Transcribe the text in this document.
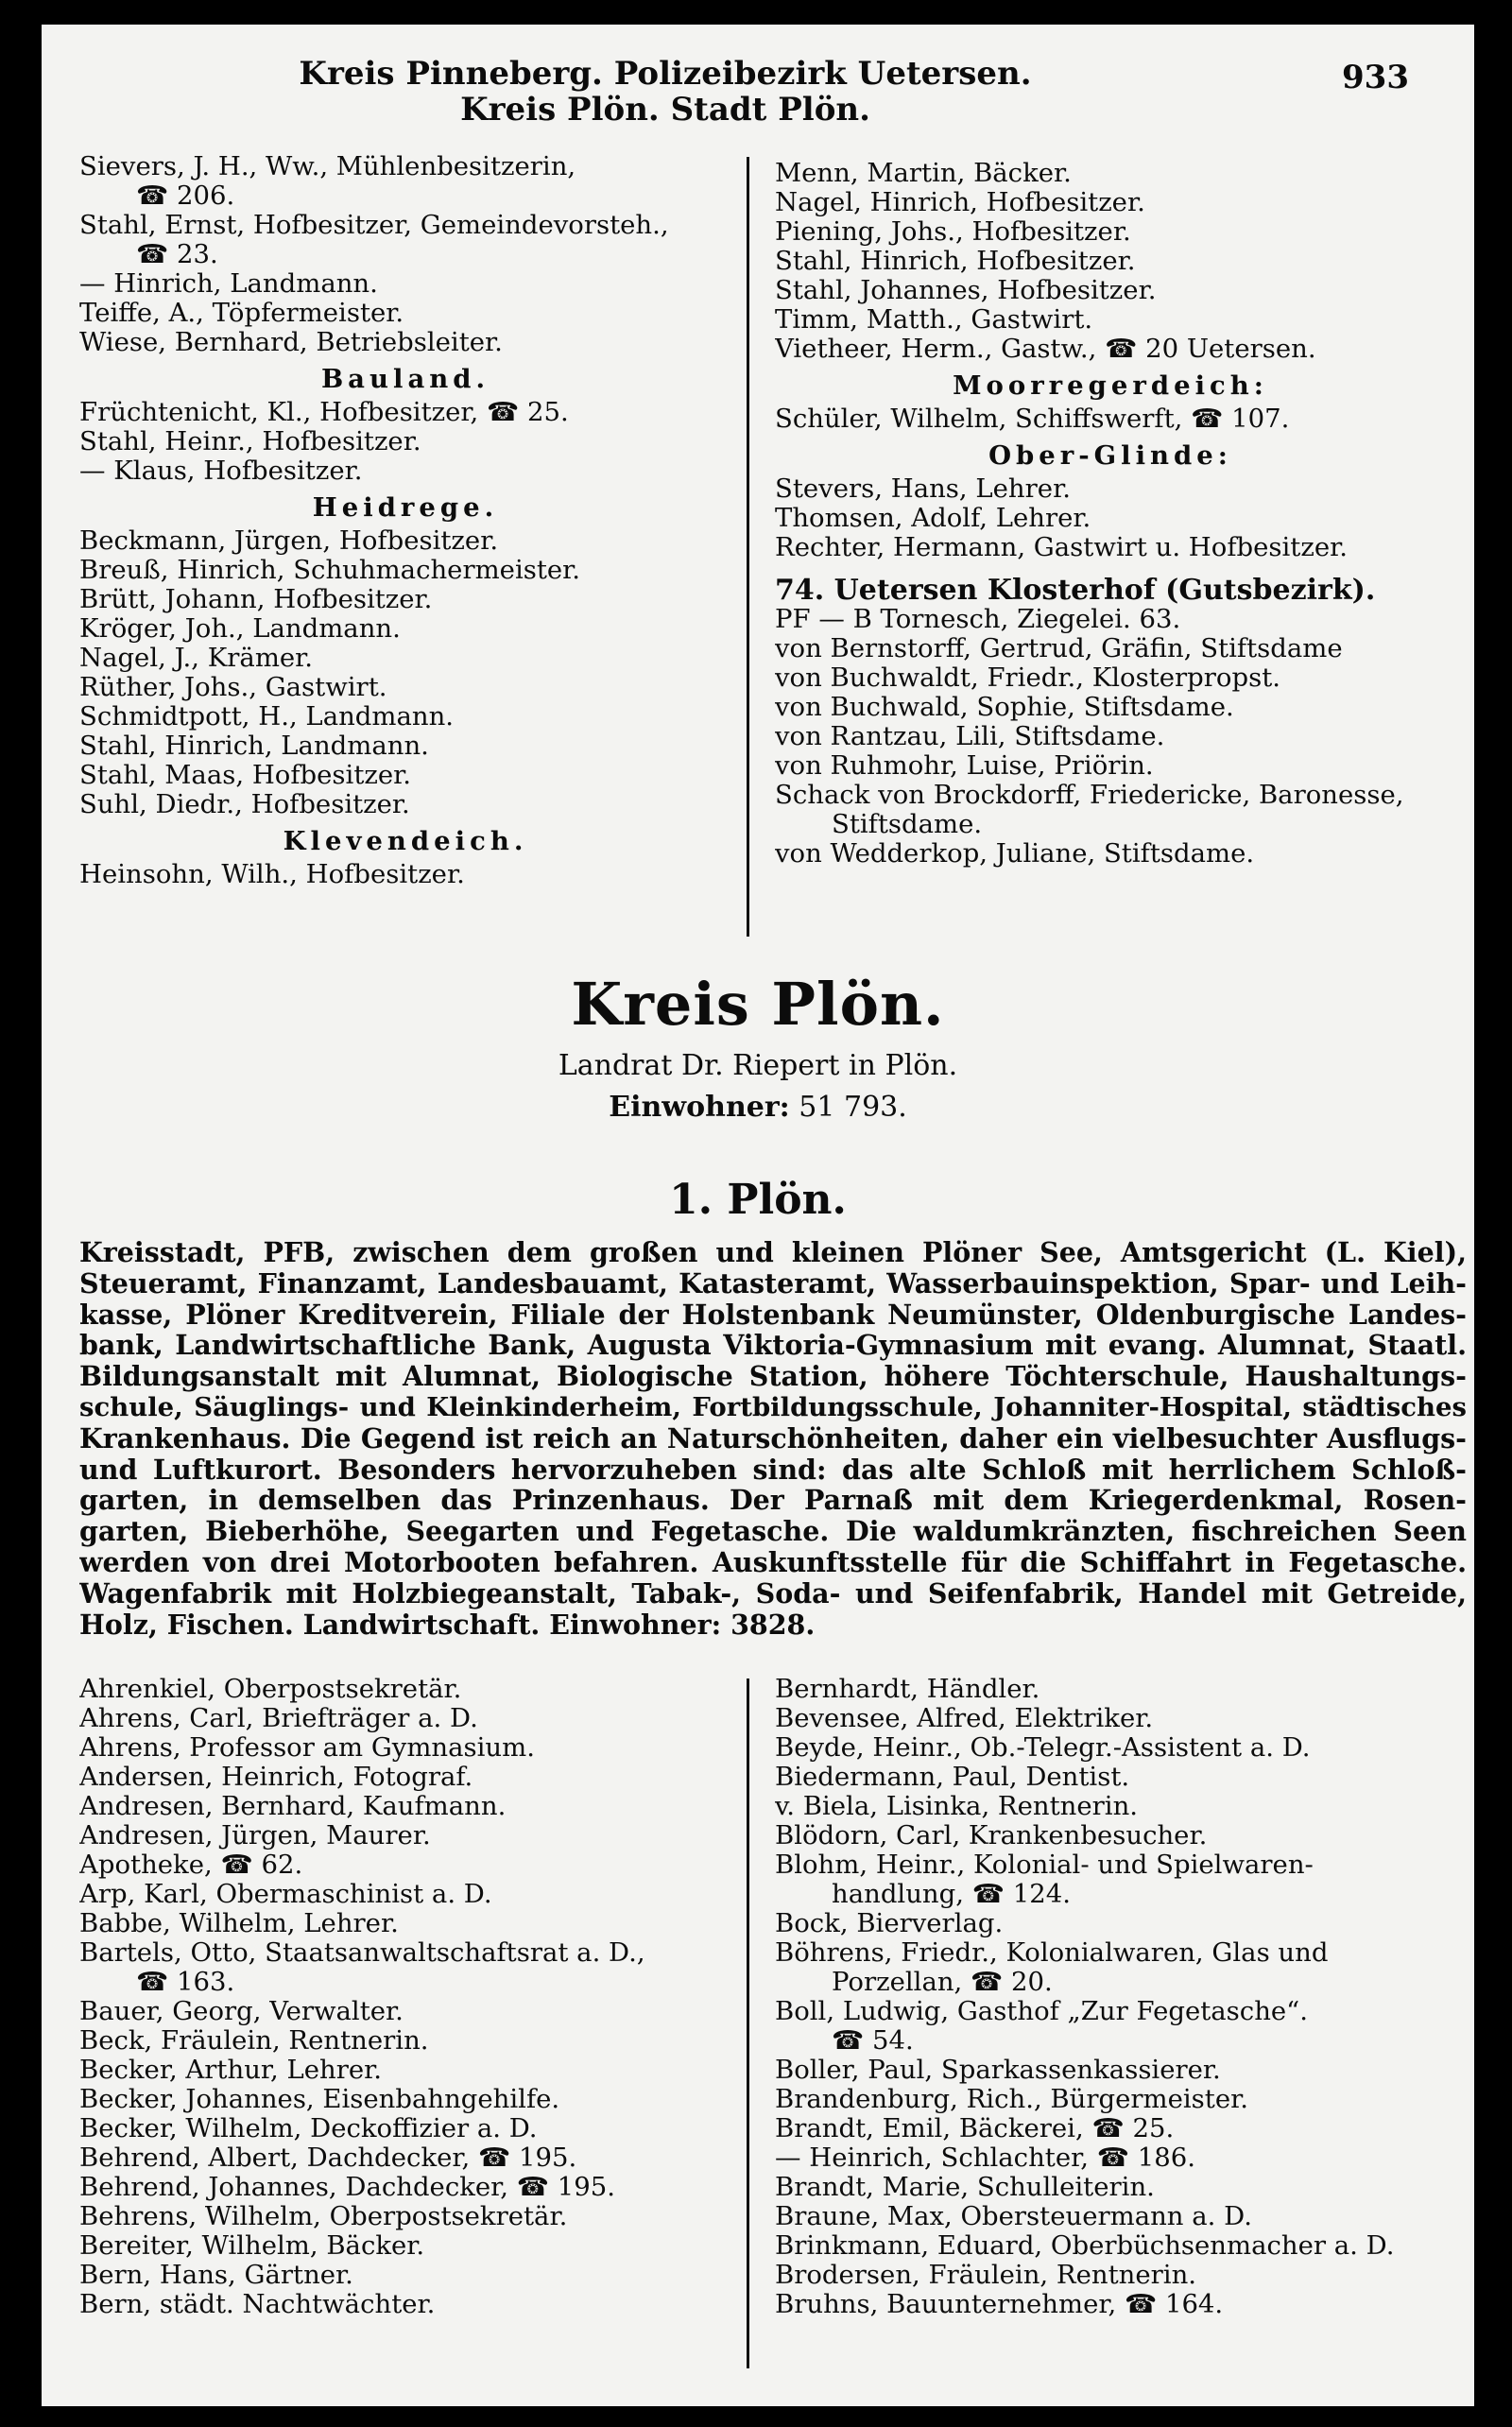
Kreis Pinneberg. Polizeibezirk Uetersen.
Kreis Plön. Stadt Plön.
933
Sievers, J. H., Ww., Mühlenbesitzerin,
☎ 206.
Stahl, Ernst, Hofbesitzer, Gemeindevorsteh.,
☎ 23.
— Hinrich, Landmann.
Teiffe, A., Töpfermeister.
Wiese, Bernhard, Betriebsleiter.
Bauland.
Früchtenicht, Kl., Hofbesitzer, ☎ 25.
Stahl, Heinr., Hofbesitzer.
— Klaus, Hofbesitzer.
Heidrege.
Beckmann, Jürgen, Hofbesitzer.
Breuß, Hinrich, Schuhmachermeister.
Brütt, Johann, Hofbesitzer.
Kröger, Joh., Landmann.
Nagel, J., Krämer.
Rüther, Johs., Gastwirt.
Schmidtpott, H., Landmann.
Stahl, Hinrich, Landmann.
Stahl, Maas, Hofbesitzer.
Suhl, Diedr., Hofbesitzer.
Klevendeich.
Heinsohn, Wilh., Hofbesitzer.
Menn, Martin, Bäcker.
Nagel, Hinrich, Hofbesitzer.
Piening, Johs., Hofbesitzer.
Stahl, Hinrich, Hofbesitzer.
Stahl, Johannes, Hofbesitzer.
Timm, Matth., Gastwirt.
Vietheer, Herm., Gastw., ☎ 20 Uetersen.
Moorregerdeich:
Schüler, Wilhelm, Schiffswerft, ☎ 107.
Ober-Glinde:
Stevers, Hans, Lehrer.
Thomsen, Adolf, Lehrer.
Rechter, Hermann, Gastwirt u. Hofbesitzer.
74. Uetersen Klosterhof (Gutsbezirk).
PF — B Tornesch, Ziegelei. 63.
von Bernstorff, Gertrud, Gräfin, Stiftsdame
von Buchwaldt, Friedr., Klosterpropst.
von Buchwald, Sophie, Stiftsdame.
von Rantzau, Lili, Stiftsdame.
von Ruhmohr, Luise, Priörin.
Schack von Brockdorff, Friedericke, Baronesse,
Stiftsdame.
von Wedderkop, Juliane, Stiftsdame.
Kreis Plön.
Landrat Dr. Riepert in Plön.
Einwohner: 51 793.
1. Plön.
Kreisstadt, PFB, zwischen dem großen und kleinen Plöner See, Amtsgericht (L. Kiel),
Steueramt, Finanzamt, Landesbauamt, Katasteramt, Wasserbauinspektion, Spar- und Leih-
kasse, Plöner Kreditverein, Filiale der Holstenbank Neumünster, Oldenburgische Landes-
bank, Landwirtschaftliche Bank, Augusta Viktoria-Gymnasium mit evang. Alumnat, Staatl.
Bildungsanstalt mit Alumnat, Biologische Station, höhere Töchterschule, Haushaltungs-
schule, Säuglings- und Kleinkinderheim, Fortbildungsschule, Johanniter-Hospital, städtisches
Krankenhaus. Die Gegend ist reich an Naturschönheiten, daher ein vielbesuchter Ausflugs-
und Luftkurort. Besonders hervorzuheben sind: das alte Schloß mit herrlichem Schloß-
garten, in demselben das Prinzenhaus. Der Parnaß mit dem Kriegerdenkmal, Rosen-
garten, Bieberhöhe, Seegarten und Fegetasche. Die waldumkränzten, fischreichen Seen
werden von drei Motorbooten befahren. Auskunftsstelle für die Schiffahrt in Fegetasche.
Wagenfabrik mit Holzbiegeanstalt, Tabak-, Soda- und Seifenfabrik, Handel mit Getreide,
Holz, Fischen. Landwirtschaft. Einwohner: 3828.
Ahrenkiel, Oberpostsekretär.
Ahrens, Carl, Briefträger a. D.
Ahrens, Professor am Gymnasium.
Andersen, Heinrich, Fotograf.
Andresen, Bernhard, Kaufmann.
Andresen, Jürgen, Maurer.
Apotheke, ☎ 62.
Arp, Karl, Obermaschinist a. D.
Babbe, Wilhelm, Lehrer.
Bartels, Otto, Staatsanwaltschaftsrat a. D.,
☎ 163.
Bauer, Georg, Verwalter.
Beck, Fräulein, Rentnerin.
Becker, Arthur, Lehrer.
Becker, Johannes, Eisenbahngehilfe.
Becker, Wilhelm, Deckoffizier a. D.
Behrend, Albert, Dachdecker, ☎ 195.
Behrend, Johannes, Dachdecker, ☎ 195.
Behrens, Wilhelm, Oberpostsekretär.
Bereiter, Wilhelm, Bäcker.
Bern, Hans, Gärtner.
Bern, städt. Nachtwächter.
Bernhardt, Händler.
Bevensee, Alfred, Elektriker.
Beyde, Heinr., Ob.-Telegr.-Assistent a. D.
Biedermann, Paul, Dentist.
v. Biela, Lisinka, Rentnerin.
Blödorn, Carl, Krankenbesucher.
Blohm, Heinr., Kolonial- und Spielwaren-
handlung, ☎ 124.
Bock, Bierverlag.
Böhrens, Friedr., Kolonialwaren, Glas und
Porzellan, ☎ 20.
Boll, Ludwig, Gasthof „Zur Fegetasche“.
☎ 54.
Boller, Paul, Sparkassenkassierer.
Brandenburg, Rich., Bürgermeister.
Brandt, Emil, Bäckerei, ☎ 25.
— Heinrich, Schlachter, ☎ 186.
Brandt, Marie, Schulleiterin.
Braune, Max, Obersteuermann a. D.
Brinkmann, Eduard, Oberbüchsenmacher a. D.
Brodersen, Fräulein, Rentnerin.
Bruhns, Bauunternehmer, ☎ 164.
